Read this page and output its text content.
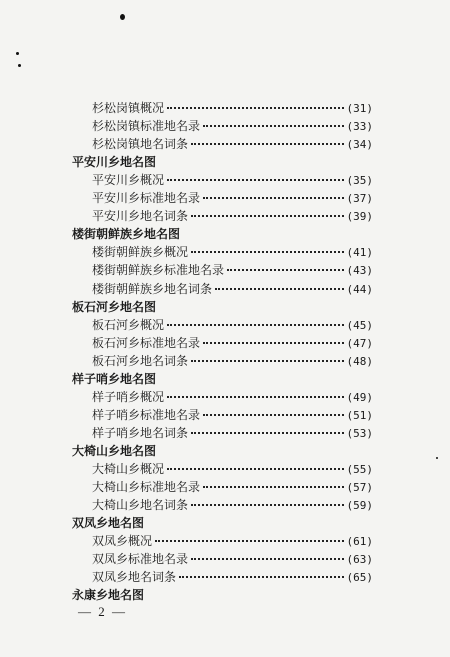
杉松岗镇概况	(31)
杉松岗镇标准地名录	(33)
杉松岗镇地名词条	(34)
平安川乡地名图
平安川乡概况	(35)
平安川乡标准地名录	(37)
平安川乡地名词条	(39)
楼街朝鲜族乡地名图
楼街朝鲜族乡概况	(41)
楼街朝鲜族乡标准地名录	(43)
楼街朝鲜族乡地名词条	(44)
板石河乡地名图
板石河乡概况	(45)
板石河乡标准地名录	(47)
板石河乡地名词条	(48)
样子哨乡地名图
样子哨乡概况	(49)
样子哨乡标准地名录	(51)
样子哨乡地名词条	(53)
大椅山乡地名图
大椅山乡概况	(55)
大椅山乡标准地名录	(57)
大椅山乡地名词条	(59)
双凤乡地名图
双凤乡概况	(61)
双凤乡标准地名录	(63)
双凤乡地名词条	(65)
永康乡地名图
— 2 —
